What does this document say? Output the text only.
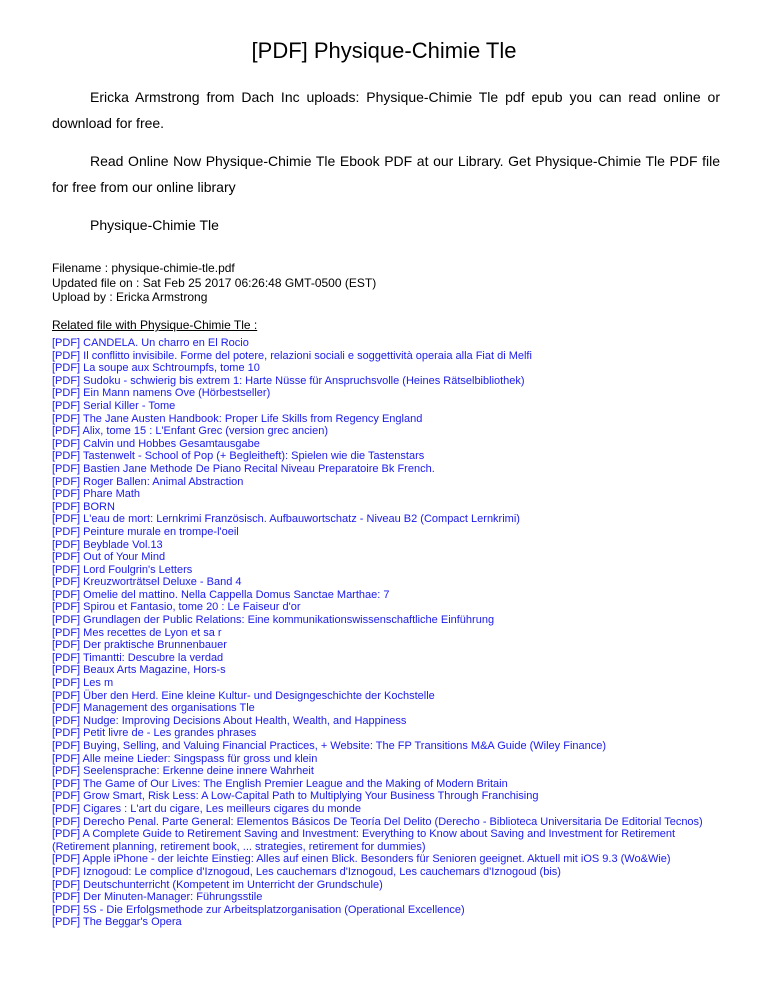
[PDF] Physique-Chimie Tle

Ericka Armstrong from Dach Inc uploads: Physique-Chimie Tle pdf epub you can read online or download for free.

Read Online Now Physique-Chimie Tle Ebook PDF at our Library. Get Physique-Chimie Tle PDF file for free from our online library

Physique-Chimie Tle

Filename : physique-chimie-tle.pdf
Updated file on : Sat Feb 25 2017 06:26:48 GMT-0500 (EST)
Upload by : Ericka Armstrong
Related file with Physique-Chimie Tle :
[PDF] CANDELA. Un charro en El Rocio
[PDF] Il conflitto invisibile. Forme del potere, relazioni sociali e soggettività operaia alla Fiat di Melfi
[PDF] La soupe aux Schtroumpfs, tome 10
[PDF] Sudoku - schwierig bis extrem 1: Harte Nüsse für Anspruchsvolle (Heines Rätselbibliothek)
[PDF] Ein Mann namens Ove (Hörbestseller)
[PDF] Serial Killer - Tome
[PDF] The Jane Austen Handbook: Proper Life Skills from Regency England
[PDF] Alix, tome 15 : L'Enfant Grec (version grec ancien)
[PDF] Calvin und Hobbes Gesamtausgabe
[PDF] Tastenwelt - School of Pop (+ Begleitheft): Spielen wie die Tastenstars
[PDF] Bastien Jane Methode De Piano Recital Niveau Preparatoire Bk French.
[PDF] Roger Ballen: Animal Abstraction
[PDF] Phare Math
[PDF] BORN
[PDF] L'eau de mort: Lernkrimi Französisch. Aufbauwortschatz - Niveau B2 (Compact Lernkrimi)
[PDF] Peinture murale en trompe-l'oeil
[PDF] Beyblade Vol.13
[PDF] Out of Your Mind
[PDF] Lord Foulgrin's Letters
[PDF] Kreuzworträtsel Deluxe - Band 4
[PDF] Omelie del mattino. Nella Cappella Domus Sanctae Marthae: 7
[PDF] Spirou et Fantasio, tome 20 : Le Faiseur d'or
[PDF] Grundlagen der Public Relations: Eine kommunikationswissenschaftliche Einführung
[PDF] Mes recettes de Lyon et sa r
[PDF] Der praktische Brunnenbauer
[PDF] Timantti: Descubre la verdad
[PDF] Beaux Arts Magazine, Hors-s
[PDF] Les m
[PDF] Über den Herd. Eine kleine Kultur- und Designgeschichte der Kochstelle
[PDF] Management des organisations Tle
[PDF] Nudge: Improving Decisions About Health, Wealth, and Happiness
[PDF] Petit livre de - Les grandes phrases
[PDF] Buying, Selling, and Valuing Financial Practices, + Website: The FP Transitions M&A Guide (Wiley Finance)
[PDF] Alle meine Lieder: Singspass für gross und klein
[PDF] Seelensprache: Erkenne deine innere Wahrheit
[PDF] The Game of Our Lives: The English Premier League and the Making of Modern Britain
[PDF] Grow Smart, Risk Less: A Low-Capital Path to Multiplying Your Business Through Franchising
[PDF] Cigares : L'art du cigare, Les meilleurs cigares du monde
[PDF] Derecho Penal. Parte General: Elementos Básicos De Teoría Del Delito (Derecho - Biblioteca Universitaria De Editorial Tecnos)
[PDF] A Complete Guide to Retirement Saving and Investment: Everything to Know about Saving and Investment for Retirement (Retirement planning, retirement book, ... strategies, retirement for dummies)
[PDF] Apple iPhone - der leichte Einstieg: Alles auf einen Blick. Besonders für Senioren geeignet. Aktuell mit iOS 9.3 (Wo&Wie)
[PDF] Iznogoud: Le complice d'Iznogoud, Les cauchemars d'Iznogoud, Les cauchemars d'Iznogoud (bis)
[PDF] Deutschunterricht (Kompetent im Unterricht der Grundschule)
[PDF] Der Minuten-Manager: Führungsstile
[PDF] 5S - Die Erfolgsmethode zur Arbeitsplatzorganisation (Operational Excellence)
[PDF] The Beggar's Opera
